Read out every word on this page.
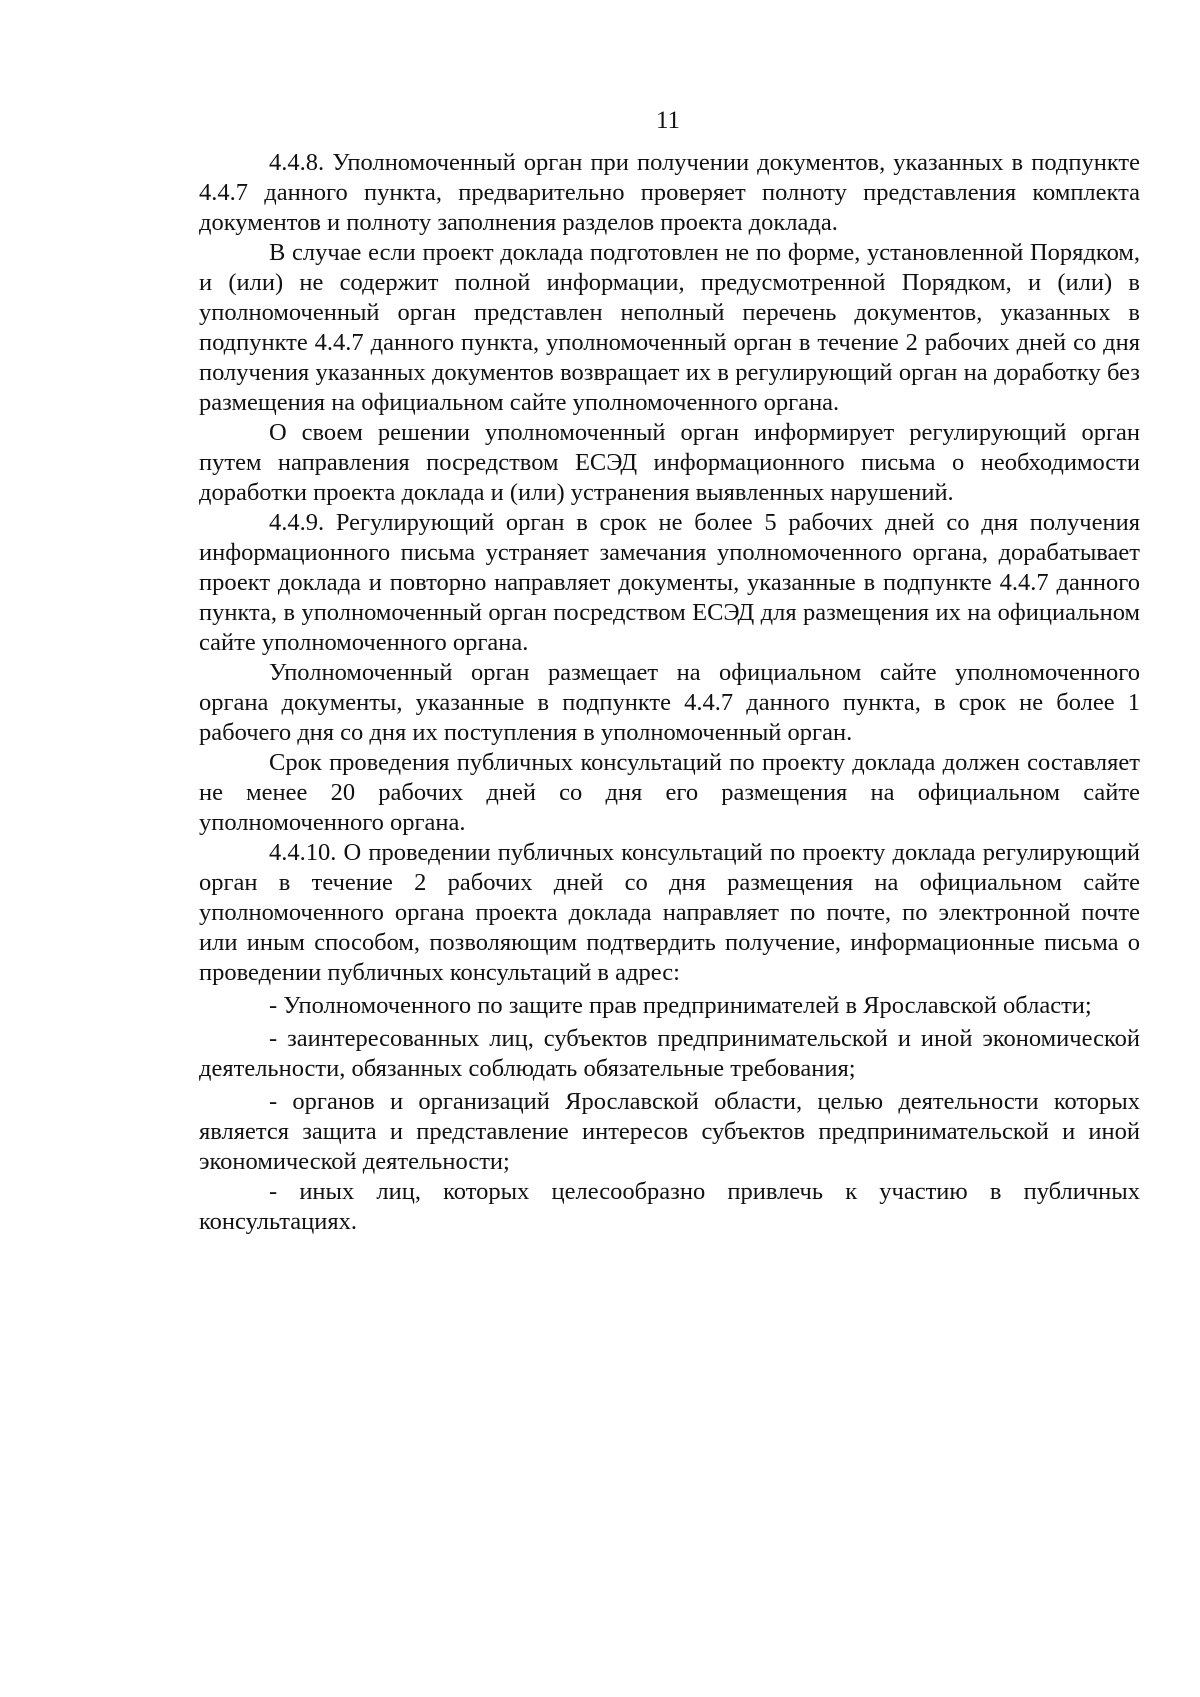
11

4.4.8. Уполномоченный орган при получении документов, указанных в подпункте 4.4.7 данного пункта, предварительно проверяет полноту представления комплекта документов и полноту заполнения разделов проекта доклада.

В случае если проект доклада подготовлен не по форме, установленной Порядком, и (или) не содержит полной информации, предусмотренной Порядком, и (или) в уполномоченный орган представлен неполный перечень документов, указанных в подпункте 4.4.7 данного пункта, уполномоченный орган в течение 2 рабочих дней со дня получения указанных документов возвращает их в регулирующий орган на доработку без размещения на официальном сайте уполномоченного органа.

О своем решении уполномоченный орган информирует регулирующий орган путем направления посредством ЕСЭД информационного письма о необходимости доработки проекта доклада и (или) устранения выявленных нарушений.

4.4.9. Регулирующий орган в срок не более 5 рабочих дней со дня получения информационного письма устраняет замечания уполномоченного органа, дорабатывает проект доклада и повторно направляет документы, указанные в подпункте 4.4.7 данного пункта, в уполномоченный орган посредством ЕСЭД для размещения их на официальном сайте уполномоченного органа.

Уполномоченный орган размещает на официальном сайте уполномоченного органа документы, указанные в подпункте 4.4.7 данного пункта, в срок не более 1 рабочего дня со дня их поступления в уполномоченный орган.

Срок проведения публичных консультаций по проекту доклада должен составляет не менее 20 рабочих дней со дня его размещения на официальном сайте уполномоченного органа.

4.4.10. О проведении публичных консультаций по проекту доклада регулирующий орган в течение 2 рабочих дней со дня размещения на официальном сайте уполномоченного органа проекта доклада направляет по почте, по электронной почте или иным способом, позволяющим подтвердить получение, информационные письма о проведении публичных консультаций в адрес:

- Уполномоченного по защите прав предпринимателей в Ярославской области;

- заинтересованных лиц, субъектов предпринимательской и иной экономической деятельности, обязанных соблюдать обязательные требования;

- органов и организаций Ярославской области, целью деятельности которых является защита и представление интересов субъектов предпринимательской и иной экономической деятельности;

- иных лиц, которых целесообразно привлечь к участию в публичных консультациях.
